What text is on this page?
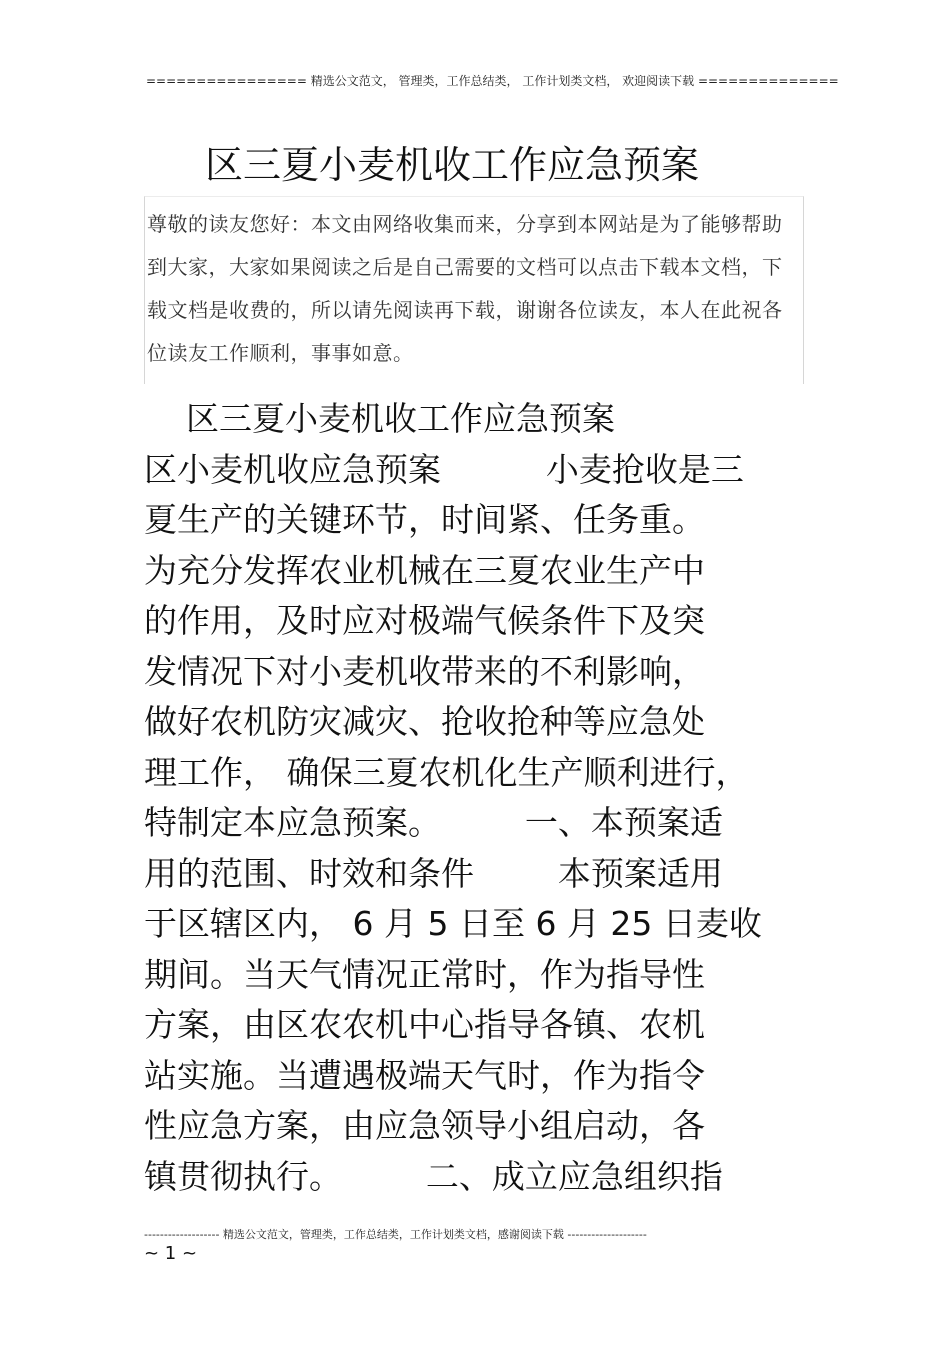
================ 精选公文范文， 管理类，工作总结类， 工作计划类文档， 欢迎阅读下载 ==============
区三夏小麦机收工作应急预案
尊敬的读友您好：本文由网络收集而来，分享到本网站是为了能够帮助到大家，大家如果阅读之后是自己需要的文档可以点击下载本文档，下载文档是收费的，所以请先阅读再下载，谢谢各位读友，本人在此祝各位读友工作顺利，事事如意。
区三夏小麦机收工作应急预案
区小麦机收应急预案          小麦抢收是三
夏生产的关键环节，时间紧、任务重。
为充分发挥农业机械在三夏农业生产中
的作用，及时应对极端气候条件下及突
发情况下对小麦机收带来的不利影响，
做好农机防灾减灾、抢收抢种等应急处
理工作， 确保三夏农机化生产顺利进行，
特制定本应急预案。        一、本预案适
用的范围、时效和条件        本预案适用
于区辖区内， 6 月 5 日至 6 月 25 日麦收
期间。当天气情况正常时，作为指导性
方案，由区农农机中心指导各镇、农机
站实施。当遭遇极端天气时，作为指令
性应急方案，由应急领导小组启动，各
镇贯彻执行。        二、成立应急组织指
------------------- 精选公文范文，管理类，工作总结类，工作计划类文档，感谢阅读下载 --------------------
~ 1 ~
